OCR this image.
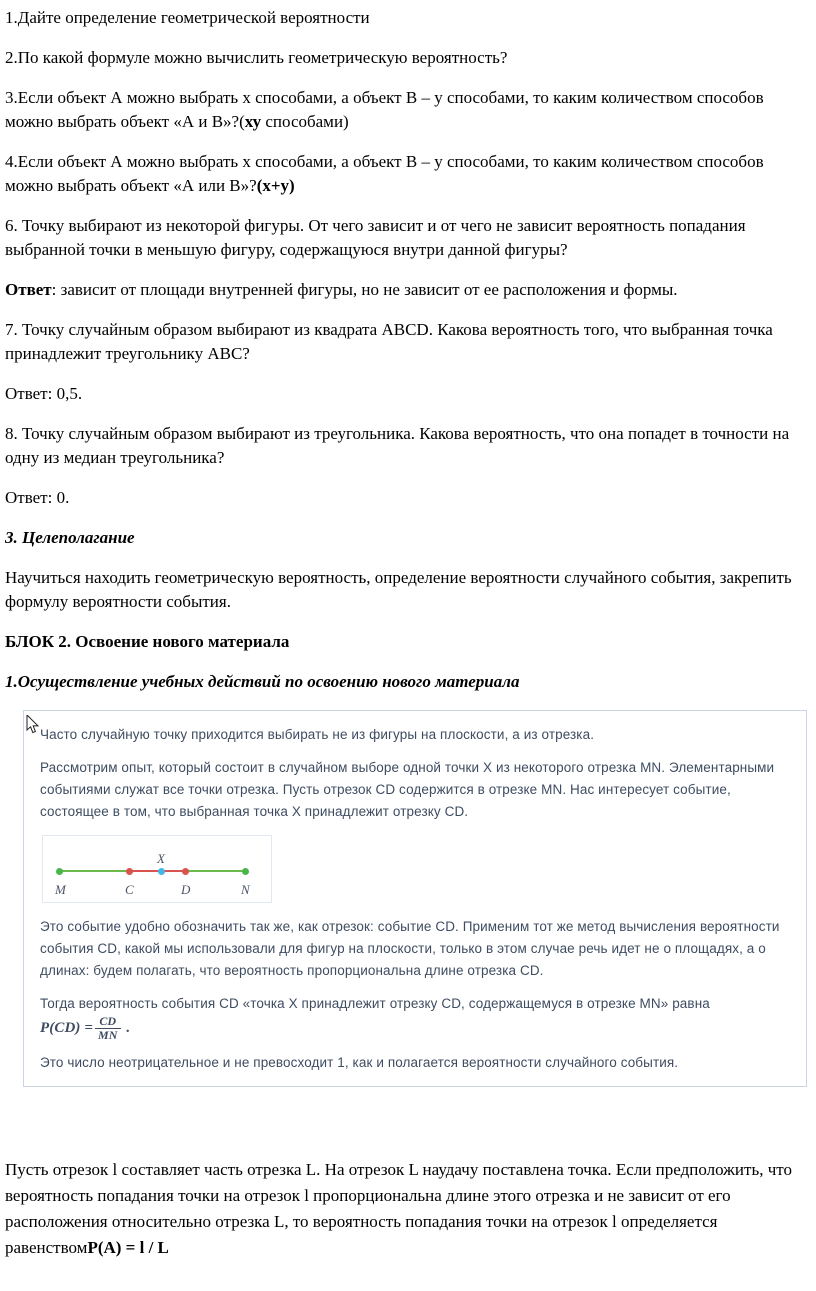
1.Дайте определение геометрической вероятности

2.По какой формуле можно вычислить геометрическую вероятность?

3.Если объект А можно выбрать х способами, а объект В – у способами, то каким количеством способов можно выбрать объект «А и В»?(ху способами)

4.Если объект А можно выбрать х способами, а объект В – у способами, то каким количеством способов можно выбрать объект «А или В»?(х+у)

6. Точку выбирают из некоторой фигуры. От чего зависит и от чего не зависит вероятность попадания выбранной точки в меньшую фигуру, содержащуюся внутри данной фигуры?

Ответ: зависит от площади внутренней фигуры, но не зависит от ее расположения и формы.

7. Точку случайным образом выбирают из квадрата ABCD. Какова вероятность того, что выбранная точка принадлежит треугольнику АВС?

Ответ: 0,5.

8. Точку случайным образом выбирают из треугольника. Какова вероятность, что она попадет в точности на одну из медиан треугольника?

Ответ: 0.

3. Целеполагание

Научиться находить геометрическую вероятность, определение вероятности случайного события, закрепить формулу вероятности события.

БЛОК 2. Освоение нового материала

1.Осуществление учебных действий по освоению нового материала

Часто случайную точку приходится выбирать не из фигуры на плоскости, а из отрезка.

Рассмотрим опыт, который состоит в случайном выборе одной точки X из некоторого отрезка MN. Элементарными событиями служат все точки отрезка. Пусть отрезок CD содержится в отрезке MN. Нас интересует событие, состоящее в том, что выбранная точка X принадлежит отрезку CD.

M	C
X
D	N

Это событие удобно обозначить так же, как отрезок: событие CD. Применим тот же метод вычисления вероятности события CD, какой мы использовали для фигур на плоскости, только в этом случае речь идет не о площадях, а о длинах: будем полагать, что вероятность пропорциональна длине отрезка CD.

Тогда вероятность события CD «точка X принадлежит отрезку CD, содержащемуся в отрезке MN» равна $P(CD) = \frac{CD}{MN}$ .

Это число неотрицательное и не превосходит 1, как и полагается вероятности случайного события.

Пусть отрезок l составляет часть отрезка L. На отрезок L наудачу поставлена точка. Если предположить, что вероятность попадания точки на отрезок l пропорциональна длине этого отрезка и не зависит от его расположения относительно отрезка L, то вероятность попадания точки на отрезок l определяется равенствомР(А) = l / L
